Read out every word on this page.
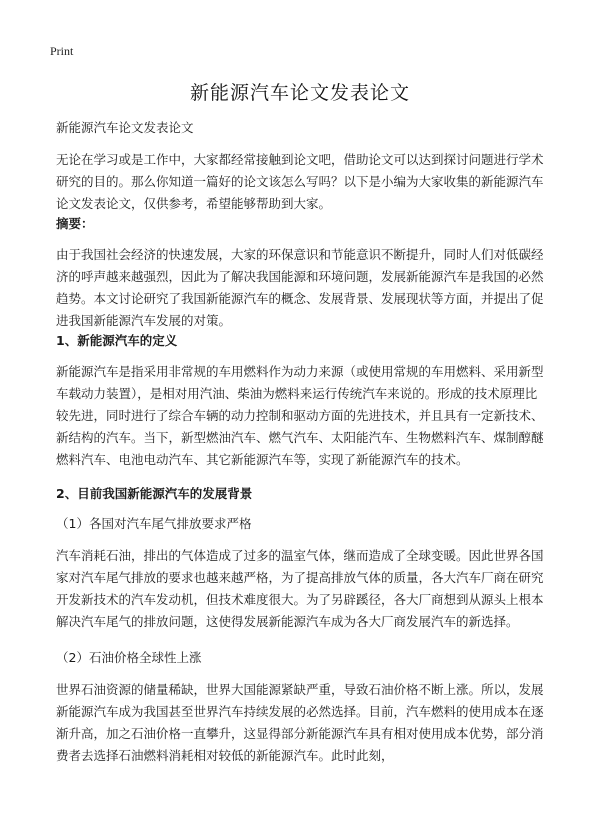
Print
新能源汽车论文发表论文
新能源汽车论文发表论文
无论在学习或是工作中，大家都经常接触到论文吧，借助论文可以达到探讨问题进行学术研究的目的。那么你知道一篇好的论文该怎么写吗？以下是小编为大家收集的新能源汽车论文发表论文，仅供参考，希望能够帮助到大家。
摘要：
由于我国社会经济的快速发展，大家的环保意识和节能意识不断提升，同时人们对低碳经济的呼声越来越强烈，因此为了解决我国能源和环境问题，发展新能源汽车是我国的必然趋势。本文讨论研究了我国新能源汽车的概念、发展背景、发展现状等方面，并提出了促进我国新能源汽车发展的对策。
1、新能源汽车的定义
新能源汽车是指采用非常规的车用燃料作为动力来源（或使用常规的车用燃料、采用新型车载动力装置），是相对用汽油、柴油为燃料来运行传统汽车来说的。形成的技术原理比较先进，同时进行了综合车辆的动力控制和驱动方面的先进技术，并且具有一定新技术、新结构的汽车。当下，新型燃油汽车、燃气汽车、太阳能汽车、生物燃料汽车、煤制醇醚燃料汽车、电池电动汽车、其它新能源汽车等，实现了新能源汽车的技术。
2、目前我国新能源汽车的发展背景
（1）各国对汽车尾气排放要求严格
汽车消耗石油，排出的气体造成了过多的温室气体，继而造成了全球变暖。因此世界各国家对汽车尾气排放的要求也越来越严格，为了提高排放气体的质量，各大汽车厂商在研究开发新技术的汽车发动机，但技术难度很大。为了另辟蹊径，各大厂商想到从源头上根本解决汽车尾气的排放问题，这使得发展新能源汽车成为各大厂商发展汽车的新选择。
（2）石油价格全球性上涨
世界石油资源的储量稀缺，世界大国能源紧缺严重，导致石油价格不断上涨。所以，发展新能源汽车成为我国甚至世界汽车持续发展的必然选择。目前，汽车燃料的使用成本在逐渐升高，加之石油价格一直攀升，这显得部分新能源汽车具有相对使用成本优势，部分消费者去选择石油燃料消耗相对较低的新能源汽车。此时此刻，
